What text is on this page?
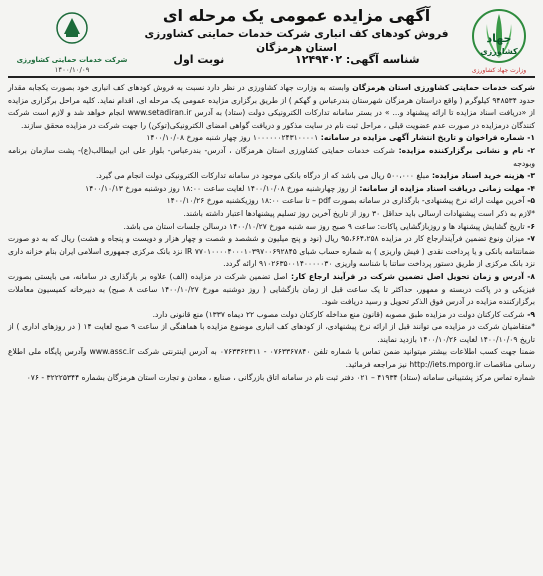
جهاد
کشاورزی
وزارت جهاد کشاورزی
آگهی مزایده عمومی یک مرحله ای
فروش کودهای کف انباری شرکت خدمات حمایتی کشاورزی استان هرمزگان
شناسه آگهی: ۱۲۴۹۴۰۲
نوبت اول
شرکت خدمات حمایتی کشاورزی
۱۴۰۰/۱۰/۰۹

شرکت خدمات حمایتی کشاورزی استان هرمزگان وابسته به وزارت جهاد کشاورزی در نظر دارد نسبت به فروش کودهای کف انباری خود بصورت یکجابه مقدار حدود ۹۴۸۵۳۴ کیلوگرم ( واقع دراستان هرمزگان شهرستان بندرعباس و گهکم ) از طریق برگزاری مزایده عمومی یک مرحله ای، اقدام نماید. کلیه مراحل برگزاری مزایده از «دریافت اسناد مزایده تا ارائه پیشنهاد و... » در بستر سامانه تدارکات الکترونیکی دولت (ستاد) به آدرس www.setadiran.ir انجام خواهد شد و لازم است شرکت کنندگان درمزایده در صورت عدم عضویت قبلی ، مراحل ثبت نام در سایت مذکور و دریافت گواهی امضای الکترونیکی(توکن) را جهت شرکت در مزایده محقق سازند.

۱- شماره فراخوان و تاریخ انتشار آگهی مزایده در سامانه: ۱۰۰۰۰۰۰۲۴۳۱۰۰۰۰۱ روز چهار شنبه مورخ ۱۴۰۰/۱۰/۰۸

۲- نام و نشانی برگزارکننده مزایده: شرکت خدمات حمایتی کشاورزی استان هرمزگان ، آدرس- بندرعباس- بلوار علی ابن ابیطالب(ع)- پشت سازمان برنامه وبودجه

۳- هزینه خرید اسناد مزایده: مبلغ ۵۰۰،۰۰۰ ریال می باشد که از درگاه بانکی موجود در سامانه تدارکات الکترونیکی دولت انجام می گیرد.

۴- مهلت زمانی دریافت اسناد مزایده از سامانه: از روز چهارشنبه مورخ ۱۴۰۰/۱۰/۰۸ لغایت ساعت ۱۸:۰۰ روز دوشنبه مورخ ۱۴۰۰/۱۰/۱۳

۵- آخرین مهلت ارائه نرخ پیشنهادی- بارگذاری در سامانه بصورت pdf – تا ساعت ۱۸:۰۰ روزیکشنبه مورخ ۱۴۰۰/۱۰/۲۶

*لازم به ذکر است پیشنهادات ارسالی باید حداقل ۳۰ روز از تاریخ آخرین روز تسلیم پیشنهادها اعتبار داشته باشند.

۶- تاریخ گشایش پیشنهاد ها و روزبازگشایی پاکات: ساعت ۹ صبح روز سه شنبه مورخ ۱۴۰۰/۱۰/۲۷ درسالن جلسات استان می باشد.

۷- میزان ونوع تضمین فرآیندارجاع کار در مزایده ۹۵،۶۶۴،۲۵۸ ریال (نود و پنج میلیون و ششصد و شصت و چهار هزار و دویست و پنجاه و هشت) ریال که به دو صورت ضمانتنامه بانکی و یا پرداخت نقدی ( فیش واریزی ) به شماره حساب شبای IR ۷۷۰۱۰۰۰۰۴۰۰۰۱۰۳۹۷۰۰۶۹۲۸۴۵ نزد بانک مرکزی جمهوری اسلامی ایران بنام خزانه داری نزد بانک مرکزی از طریق دستور پرداخت ساتنا با شناسه واریزی ۹۱۰۲۶۳۵۰۰۱۴۰۰۰۰۰۳۰ ارائه گردد.

۸- آدرس و زمان تحویل اصل تضمین شرکت در فرآیند ارجاع کار: اصل تضمین شرکت در مزایده (الف) علاوه بر بارگذاری در سامانه، می بایستی بصورت فیزیکی و در پاکت دربسته و ممهور، حداکثر تا یک ساعت قبل از زمان بازگشایی ( روز دوشنبه مورخ ۱۴۰۰/۱۰/۲۷ ساعت ۸ صبح) به دبیرخانه کمیسیون معاملات برگزارکننده مزایده در آدرس فوق الذکر تحویل و رسید دریافت شود.

۹- شرکت کارکنان دولت در مزایده طبق مصوبه (قانون منع مداخله کارکنان دولت مصوب ۲۲ دیماه ۱۳۳۷) منع قانونی دارد.

*متقاضیان شرکت در مزایده می توانند قبل از ارائه نرخ پیشنهادی، از کودهای کف انباری موضوع مزایده با هماهنگی از ساعت ۹ صبح لغایت ۱۴ ( در روزهای اداری ) از تاریخ ۱۴۰۰/۱۰/۰۹ لغایت ۱۴۰۰/۱۰/۲۶ بازدید نمایند.

ضمنا جهت کسب اطلاعات بیشتر میتوانید ضمن تماس با شماره تلفن ۰۷۶۳۳۶۷۸۴۰ - ۰۷۶۳۳۶۲۳۱۱ به آدرس اینترنتی شرکت www.assc.ir وآدرس پایگاه ملی اطلاع رسانی مناقصات http://iets.mporg.ir نیز مراجعه فرمائید.

شماره تماس مرکز پشتیبانی سامانه (ستاد) ۴۱۹۳۴ – ۰۲۱ دفتر ثبت نام در سامانه اتاق بازرگانی ، صنایع ، معادن و تجارت استان هرمزگان بشماره ۳۲۲۲۵۳۴۴ - ۰۷۶
